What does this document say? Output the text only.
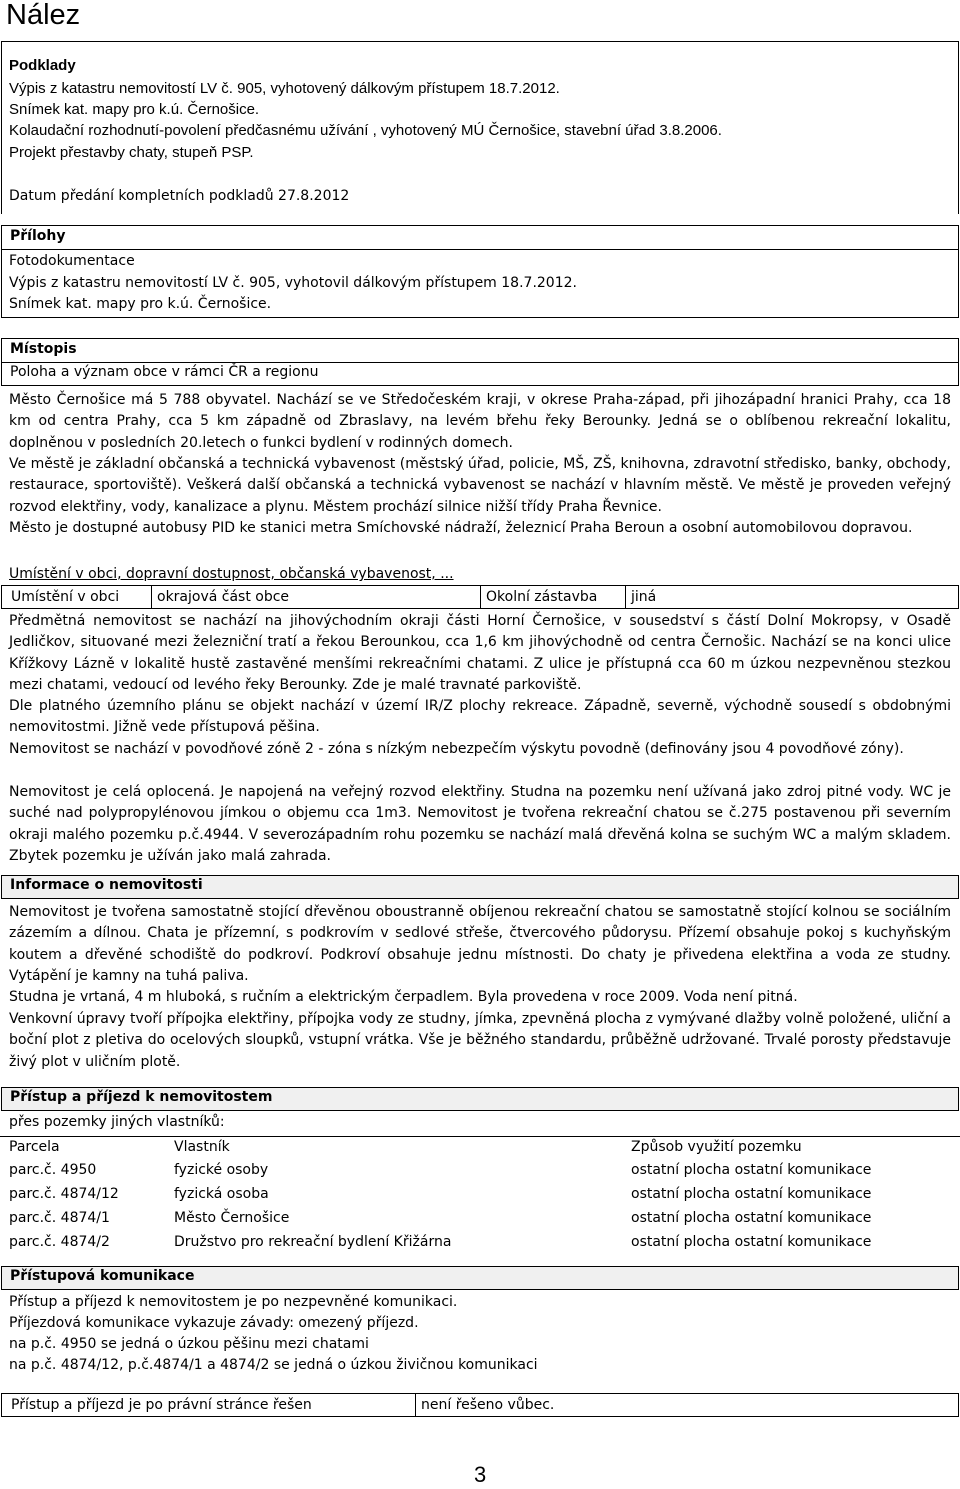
Nález
Podklady
Výpis z katastru nemovitostí LV č. 905, vyhotovený dálkovým přístupem 18.7.2012.
Snímek kat. mapy pro k.ú. Černošice.
Kolaudační rozhodnutí-povolení předčasnému užívání , vyhotovený MÚ Černošice, stavební úřad 3.8.2006.
Projekt přestavby chaty, stupeň PSP.
Datum předání kompletních podkladů 27.8.2012
Přílohy
Fotodokumentace
Výpis z katastru nemovitostí LV č. 905, vyhotovil dálkovým přístupem 18.7.2012.
Snímek kat. mapy pro k.ú. Černošice.
Místopis
Poloha a význam obce v rámci ČR a regionu
Město Černošice má 5 788 obyvatel. Nachází se ve Středočeském kraji, v okrese Praha-západ, při jihozápadní hranici Prahy, cca 18 km od centra Prahy, cca 5 km západně od Zbraslavy, na levém břehu řeky Berounky. Jedná se o oblíbenou rekreační lokalitu, doplněnou v posledních 20.letech o funkci bydlení v rodinných domech.
Ve městě je základní občanská a technická vybavenost (městský úřad, policie, MŠ, ZŠ, knihovna, zdravotní středisko, banky, obchody, restaurace, sportoviště). Veškerá další občanská a technická vybavenost se nachází v hlavním městě. Ve městě je proveden veřejný rozvod elektřiny, vody, kanalizace a plynu. Městem prochází silnice nižší třídy Praha Řevnice.
Město je dostupné autobusy PID ke stanici metra Smíchovské nádraží, železnicí Praha Beroun a osobní automobilovou dopravou.
Umístění v obci, dopravní dostupnost, občanská vybavenost, ...
Umístění v obci	okrajová část obce	Okolní zástavba	jiná
Předmětná nemovitost se nachází na jihovýchodním okraji části Horní Černošice, v sousedství s částí Dolní Mokropsy, v Osadě Jedličkov, situované mezi železniční tratí a řekou Berounkou, cca 1,6 km jihovýchodně od centra Černošic. Nachází se na konci ulice Křížkovy Lázně v lokalitě hustě zastavěné menšími rekreačními chatami. Z ulice je přístupná cca 60 m úzkou nezpevněnou stezkou mezi chatami, vedoucí od levého řeky Berounky. Zde je malé travnaté parkoviště.
Dle platného územního plánu se objekt nachází v území IR/Z plochy rekreace. Západně, severně, východně sousedí s obdobnými nemovitostmi. Jižně vede přístupová pěšina.
Nemovitost se nachází v povodňové zóně 2 - zóna s nízkým nebezpečím výskytu povodně (definovány jsou 4 povodňové zóny).
Nemovitost je celá oplocená. Je napojená na veřejný rozvod elektřiny. Studna na pozemku není užívaná jako zdroj pitné vody. WC je suché nad polypropylénovou jímkou o objemu cca 1m3. Nemovitost je tvořena rekreační chatou se č.275 postavenou při severním okraji malého pozemku p.č.4944. V severozápadním rohu pozemku se nachází malá dřevěná kolna se suchým WC a malým skladem. Zbytek pozemku je užíván jako malá zahrada.
Informace o nemovitosti
Nemovitost je tvořena samostatně stojící dřevěnou oboustranně obíjenou rekreační chatou se samostatně stojící kolnou se sociálním zázemím a dílnou. Chata je přízemní, s podkrovím v sedlové střeše, čtvercového půdorysu. Přízemí obsahuje pokoj s kuchyňským koutem a dřevěné schodiště do podkroví. Podkroví obsahuje jednu místnosti. Do chaty je přivedena elektřina a voda ze studny. Vytápění je kamny na tuhá paliva.
Studna je vrtaná, 4 m hluboká, s ručním a elektrickým čerpadlem. Byla provedena v roce 2009. Voda není pitná.
Venkovní úpravy tvoří přípojka elektřiny, přípojka vody ze studny, jímka, zpevněná plocha z vymývané dlažby volně položené, uliční a boční plot z pletiva do ocelových sloupků, vstupní vrátka. Vše je běžného standardu, průběžně udržované. Trvalé porosty představuje živý plot v uličním plotě.
Přístup a příjezd k nemovitostem
přes pozemky jiných vlastníků:
Parcela	Vlastník	Způsob využití pozemku
parc.č. 4950	fyzické osoby	ostatní plocha ostatní komunikace
parc.č. 4874/12	fyzická osoba	ostatní plocha ostatní komunikace
parc.č. 4874/1	Město Černošice	ostatní plocha ostatní komunikace
parc.č. 4874/2	Družstvo pro rekreační bydlení Křižárna	ostatní plocha ostatní komunikace
Přístupová komunikace
Přístup a příjezd k nemovitostem je po nezpevněné komunikaci.
Příjezdová komunikace vykazuje závady: omezený příjezd.
na p.č. 4950 se jedná o úzkou pěšinu mezi chatami
na p.č. 4874/12, p.č.4874/1 a 4874/2 se jedná o úzkou živičnou komunikaci
Přístup a příjezd je po právní stránce řešen	není řešeno vůbec.
3
